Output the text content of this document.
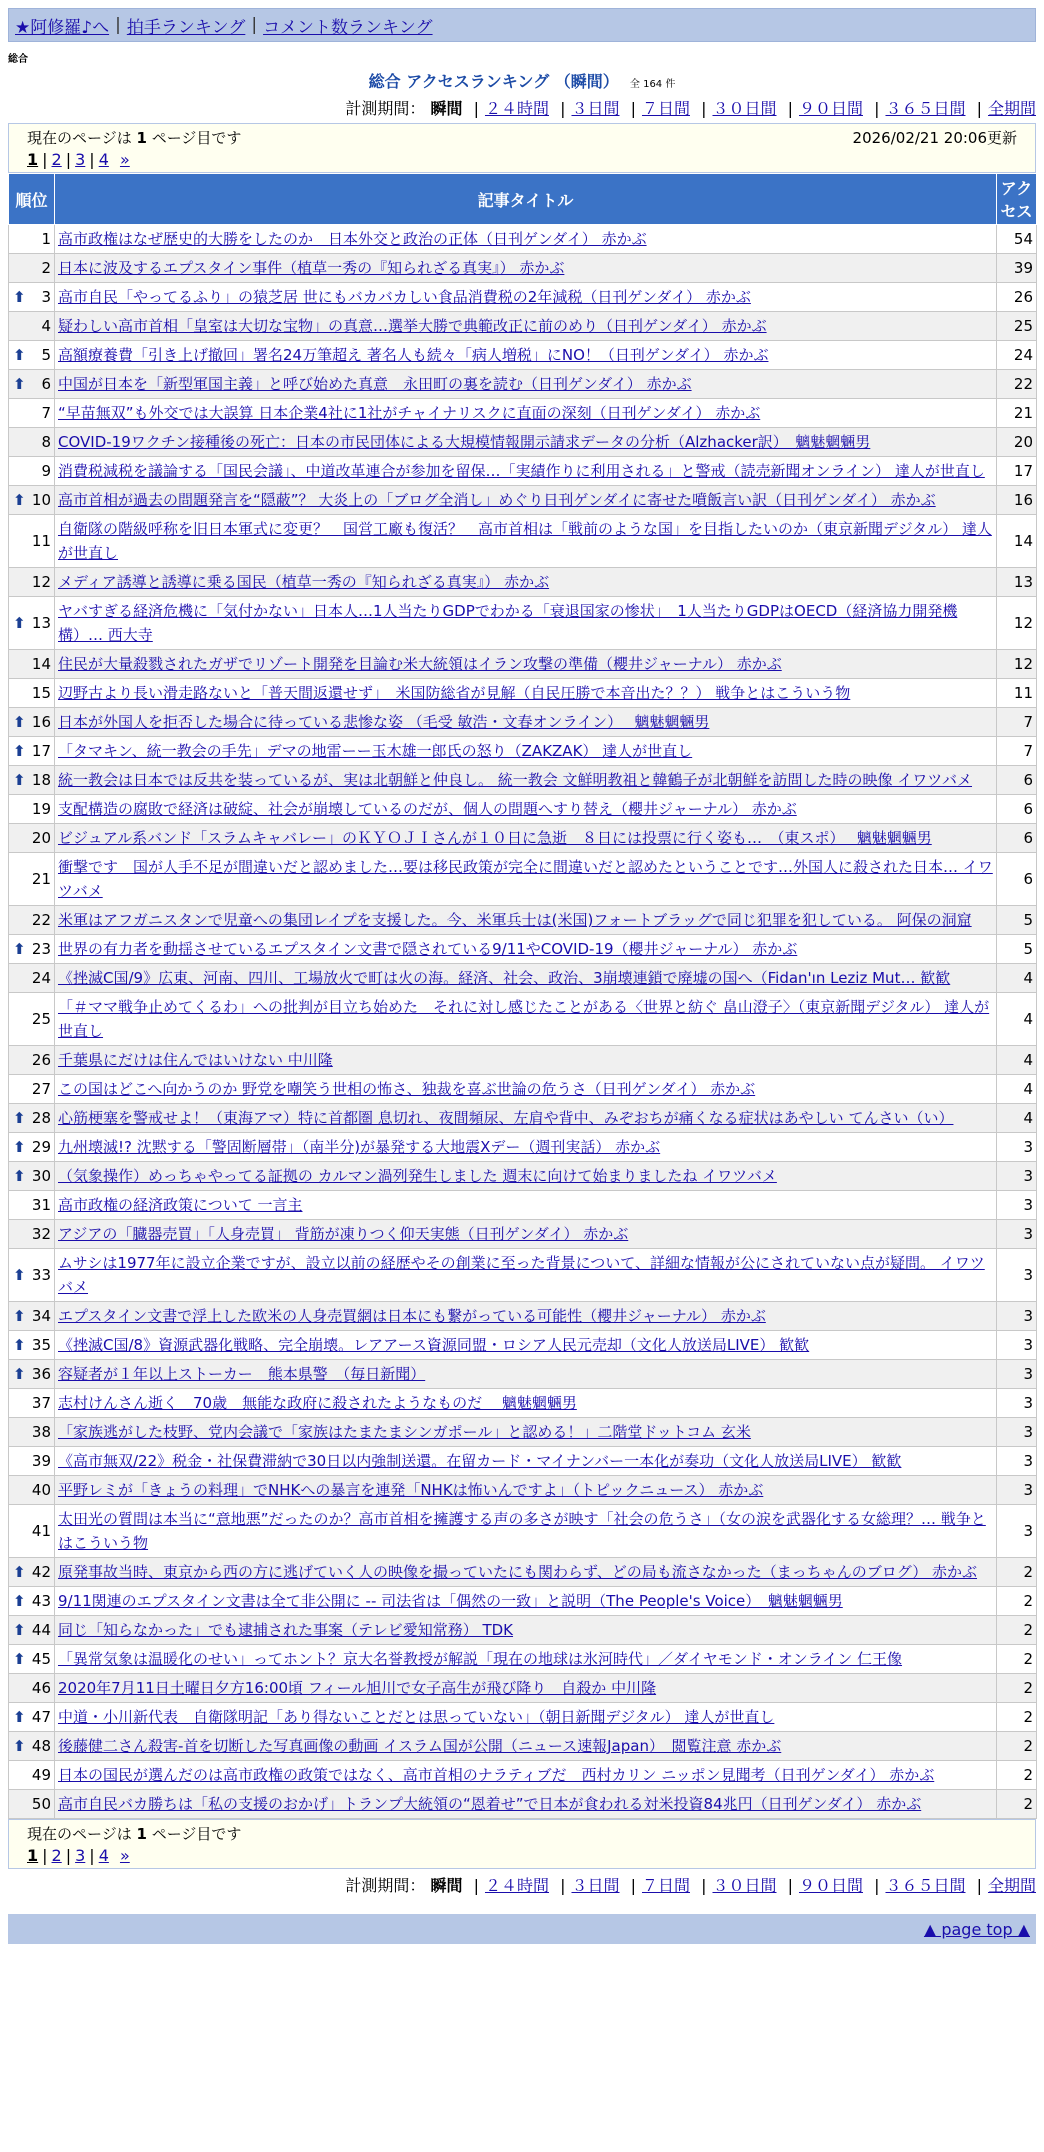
★阿修羅♪へ | 拍手ランキング | コメント数ランキング
総合
総合 アクセスランキング （瞬間） 全 164 件
計測期間： 瞬間 | ２４時間 | ３日間 | ７日間 | ３０日間 | ９０日間 | ３６５日間 | 全期間
現在のページは 1 ページ目です	2026/02/21 20:06更新
1 | 2 | 3 | 4 »
順位	記事タイトル	アクセス
1	高市政権はなぜ歴史的大勝をしたのか　日本外交と政治の正体（日刊ゲンダイ） 赤かぶ	54
2	日本に波及するエプスタイン事件（植草一秀の『知られざる真実』） 赤かぶ	39

⬆ 3	高市自民「やってるふり」の猿芝居 世にもバカバカしい食品消費税の2年減税（日刊ゲンダイ） 赤かぶ	26
4	疑わしい高市首相「皇室は大切な宝物」の真意…選挙大勝で典範改正に前のめり（日刊ゲンダイ） 赤かぶ	25

⬆ 5	高額療養費「引き上げ撤回」署名24万筆超え 著名人も続々「病人増税」にNO！（日刊ゲンダイ） 赤かぶ	24

⬆ 6	中国が日本を「新型軍国主義」と呼び始めた真意　永田町の裏を読む（日刊ゲンダイ） 赤かぶ	22
7	“早苗無双”も外交では大誤算 日本企業4社に1社がチャイナリスクに直面の深刻（日刊ゲンダイ） 赤かぶ	21
8	COVID-19ワクチン接種後の死亡：日本の市民団体による大規模情報開示請求データの分析（Alzhacker訳）　魑魅魍魎男	20
9	消費税減税を議論する「国民会議」、中道改革連合が参加を留保…「実績作りに利用される」と警戒（読売新聞オンライン） 達人が世直し	17

⬆ 10	高市首相が過去の問題発言を“隠蔽”？ 大炎上の「ブログ全消し」めぐり日刊ゲンダイに寄せた噴飯言い訳（日刊ゲンダイ） 赤かぶ	16
11	自衛隊の階級呼称を旧日本軍式に変更？　国営工廠も復活？　高市首相は「戦前のような国」を目指したいのか（東京新聞デジタル） 達人が世直し	14
12	メディア誘導と誘導に乗る国民（植草一秀の『知られざる真実』） 赤かぶ	13

⬆ 13	ヤバすぎる経済危機に「気付かない」日本人…1人当たりGDPでわかる「衰退国家の惨状」　1人当たりGDPはOECD（経済協力開発機構）… 西大寺	12
14	住民が大量殺戮されたガザでリゾート開発を目論む米大統領はイラン攻撃の準備（櫻井ジャーナル） 赤かぶ	12
15	辺野古より長い滑走路ないと「普天間返還せず」　米国防総省が見解（自民圧勝で本音出た？？） 戦争とはこういう物	11

⬆ 16	日本が外国人を拒否した場合に待っている悲惨な姿 （毛受 敏浩・文春オンライン）　 魑魅魍魎男	7

⬆ 17	「タマキン、統一教会の手先」デマの地雷ーー玉木雄一郎氏の怒り（ZAKZAK） 達人が世直し	7

⬆ 18	統一教会は日本では反共を装っているが、実は北朝鮮と仲良し。 統一教会 文鮮明教祖と韓鶴子が北朝鮮を訪問した時の映像 イワツバメ	6
19	支配構造の腐敗で経済は破綻、社会が崩壊しているのだが、個人の問題へすり替え（櫻井ジャーナル） 赤かぶ	6
20	ビジュアル系バンド「スラムキャバレー」のＫＹＯＪＩさんが１０日に急逝　８日には投票に行く姿も…　（東スポ）　 魑魅魍魎男	6
21	衝撃です　国が人手不足が間違いだと認めました…要は移民政策が完全に間違いだと認めたということです…外国人に殺された日本… イワツバメ	6
22	米軍はアフガニスタンで児童への集団レイプを支援した。今、米軍兵士は(米国)フォートブラッグで同じ犯罪を犯している。 阿保の洞窟	5

⬆ 23	世界の有力者を動揺させているエプスタイン文書で隠されている9/11やCOVID-19（櫻井ジャーナル） 赤かぶ	5
24	《挫滅C国/9》広東、河南、四川、工場放火で町は火の海。経済、社会、政治、3崩壊連鎖で廃墟の国へ（Fidan'ın Leziz Mut… 歓歓	4
25	「＃ママ戦争止めてくるわ」への批判が目立ち始めた　それに対し感じたことがある〈世界と紡ぐ 畠山澄子〉（東京新聞デジタル） 達人が世直し	4
26	千葉県にだけは住んではいけない 中川隆	4
27	この国はどこへ向かうのか 野党を嘲笑う世相の怖さ、独裁を喜ぶ世論の危うさ（日刊ゲンダイ） 赤かぶ	4

⬆ 28	心筋梗塞を警戒せよ！（東海アマ）特に首都圏 息切れ、夜間頻尿、左肩や背中、みぞおちが痛くなる症状はあやしい てんさい（い）	4

⬆ 29	九州壊滅!? 沈黙する「警固断層帯」（南半分)が暴発する大地震Xデー（週刊実話） 赤かぶ	3

⬆ 30	（気象操作）めっちゃやってる証拠の カルマン渦列発生しました 週末に向けて始まりましたね イワツバメ	3
31	高市政権の経済政策について 一言主	3
32	アジアの「臓器売買」「人身売買」 背筋が凍りつく仰天実態（日刊ゲンダイ） 赤かぶ	3

⬆ 33	ムサシは1977年に設立企業ですが、設立以前の経歴やその創業に至った背景について、詳細な情報が公にされていない点が疑問。 イワツバメ	3

⬆ 34	エプスタイン文書で浮上した欧米の人身売買網は日本にも繋がっている可能性（櫻井ジャーナル） 赤かぶ	3

⬆ 35	《挫滅C国/8》資源武器化戦略、完全崩壊。レアアース資源同盟・ロシア人民元売却（文化人放送局LIVE） 歓歓	3

⬆ 36	容疑者が１年以上ストーカー　熊本県警　（毎日新聞）	3
37	志村けんさん逝く　70歳　無能な政府に殺されたようなものだ　 魑魅魍魎男	3
38	「家族逃がした枝野、党内会議で「家族はたまたまシンガポール」と認める！」二階堂ドットコム 玄米	3
39	《高市無双/22》税金・社保費滞納で30日以内強制送還。在留カード・マイナンバー一本化が奏功（文化人放送局LIVE） 歓歓	3
40	平野レミが「きょうの料理」でNHKへの暴言を連発「NHKは怖いんですよ」（トピックニュース） 赤かぶ	3
41	太田光の質問は本当に“意地悪”だったのか？高市首相を擁護する声の多さが映す「社会の危うさ」（女の涙を武器化する女総理？… 戦争とはこういう物	3

⬆ 42	原発事故当時、東京から西の方に逃げていく人の映像を撮っていたにも関わらず、どの局も流さなかった（まっちゃんのブログ） 赤かぶ	2

⬆ 43	9/11関連のエプスタイン文書は全て非公開に -- 司法省は「偶然の一致」と説明（The People's Voice）　魑魅魍魎男	2

⬆ 44	同じ「知らなかった」でも逮捕された事案（テレビ愛知常務） TDK	2

⬆ 45	「異常気象は温暖化のせい」ってホント？京大名誉教授が解説「現在の地球は氷河時代」／ダイヤモンド・オンライン 仁王像	2
46	2020年7月11日土曜日夕方16:00頃 フィール旭川で女子高生が飛び降り　自殺か 中川隆	2

⬆ 47	中道・小川新代表　自衛隊明記「あり得ないことだとは思っていない」（朝日新聞デジタル） 達人が世直し	2

⬆ 48	後藤健二さん殺害-首を切断した写真画像の動画 イスラム国が公開（ニュース速報Japan）　閲覧注意 赤かぶ	2
49	日本の国民が選んだのは高市政権の政策ではなく、高市首相のナラティブだ　西村カリン ニッポン見聞考（日刊ゲンダイ） 赤かぶ	2
50	高市自民バカ勝ちは「私の支援のおかげ」トランプ大統領の“恩着せ”で日本が食われる対米投資84兆円（日刊ゲンダイ） 赤かぶ	2
現在のページは 1 ページ目です
1 | 2 | 3 | 4 »
計測期間： 瞬間 | ２４時間 | ３日間 | ７日間 | ３０日間 | ９０日間 | ３６５日間 | 全期間
▲ page top ▲
